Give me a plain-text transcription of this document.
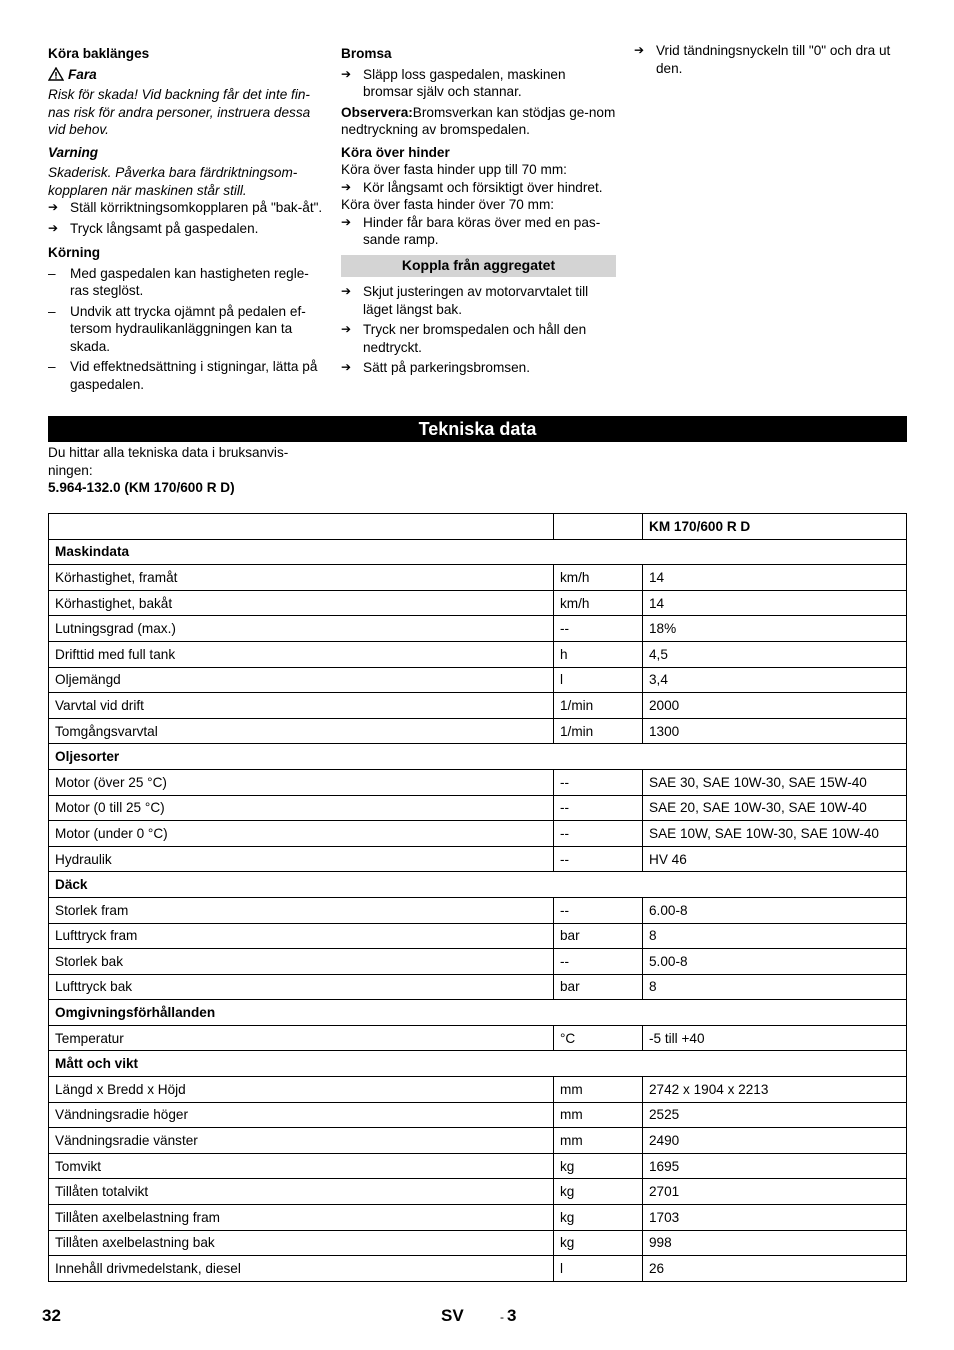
Köra baklänges
Fara
Risk för skada! Vid backning får det inte fin-nas risk för andra personer, instruera dessa vid behov.
Varning
Skaderisk. Påverka bara färdriktningsom-kopplaren när maskinen står still.
➔ Ställ körriktningsomkopplaren på "bak-åt".
➔ Tryck långsamt på gaspedalen.
Körning
–	Med gaspedalen kan hastigheten regle-ras steglöst.
–	Undvik att trycka ojämnt på pedalen ef-tersom hydraulikanläggningen kan ta skada.
–	Vid effektnedsättning i stigningar, lätta på gaspedalen.
Bromsa
➔ Släpp loss gaspedalen, maskinen bromsar själv och stannar.
Observera:Bromsverkan kan stödjas ge-nom nedtryckning av bromspedalen.
Köra över hinder
Köra över fasta hinder upp till 70 mm:
➔ Kör långsamt och försiktigt över hindret.
Köra över fasta hinder över 70 mm:
➔ Hinder får bara köras över med en pas-sande ramp.
Koppla från aggregatet
➔ Skjut justeringen av motorvarvtalet till läget längst bak.
➔ Tryck ner bromspedalen och håll den nedtryckt.
➔ Sätt på parkeringsbromsen.
➔ Vrid tändningsnyckeln till "0" och dra ut den.
Tekniska data
Du hittar alla tekniska data i bruksanvis-ningen:
5.964-132.0 (KM 170/600 R D)
		KM 170/600 R D
Maskindata		
Körhastighet, framåt	km/h	14
Körhastighet, bakåt	km/h	14
Lutningsgrad (max.)	--	18%
Drifttid med full tank	h	4,5
Oljemängd	l	3,4
Varvtal vid drift	1/min	2000
Tomgångsvarvtal	1/min	1300
Oljesorter		
Motor (över 25 °C)	--	SAE 30, SAE 10W-30, SAE 15W-40
Motor (0 till 25 °C)	--	SAE 20, SAE 10W-30, SAE 10W-40
Motor (under 0 °C)	--	SAE 10W, SAE 10W-30, SAE 10W-40
Hydraulik	--	HV 46
Däck		
Storlek fram	--	6.00-8
Lufttryck fram	bar	8
Storlek bak	--	5.00-8
Lufttryck bak	bar	8
Omgivningsförhållanden		
Temperatur	°C	-5 till +40
Mått och vikt		
Längd x Bredd x Höjd	mm	2742 x 1904 x 2213
Vändningsradie höger	mm	2525
Vändningsradie vänster	mm	2490
Tomvikt	kg	1695
Tillåten totalvikt	kg	2701
Tillåten axelbelastning fram	kg	1703
Tillåten axelbelastning bak	kg	998
Innehåll drivmedelstank, diesel	l	26
32	SV	- 3
